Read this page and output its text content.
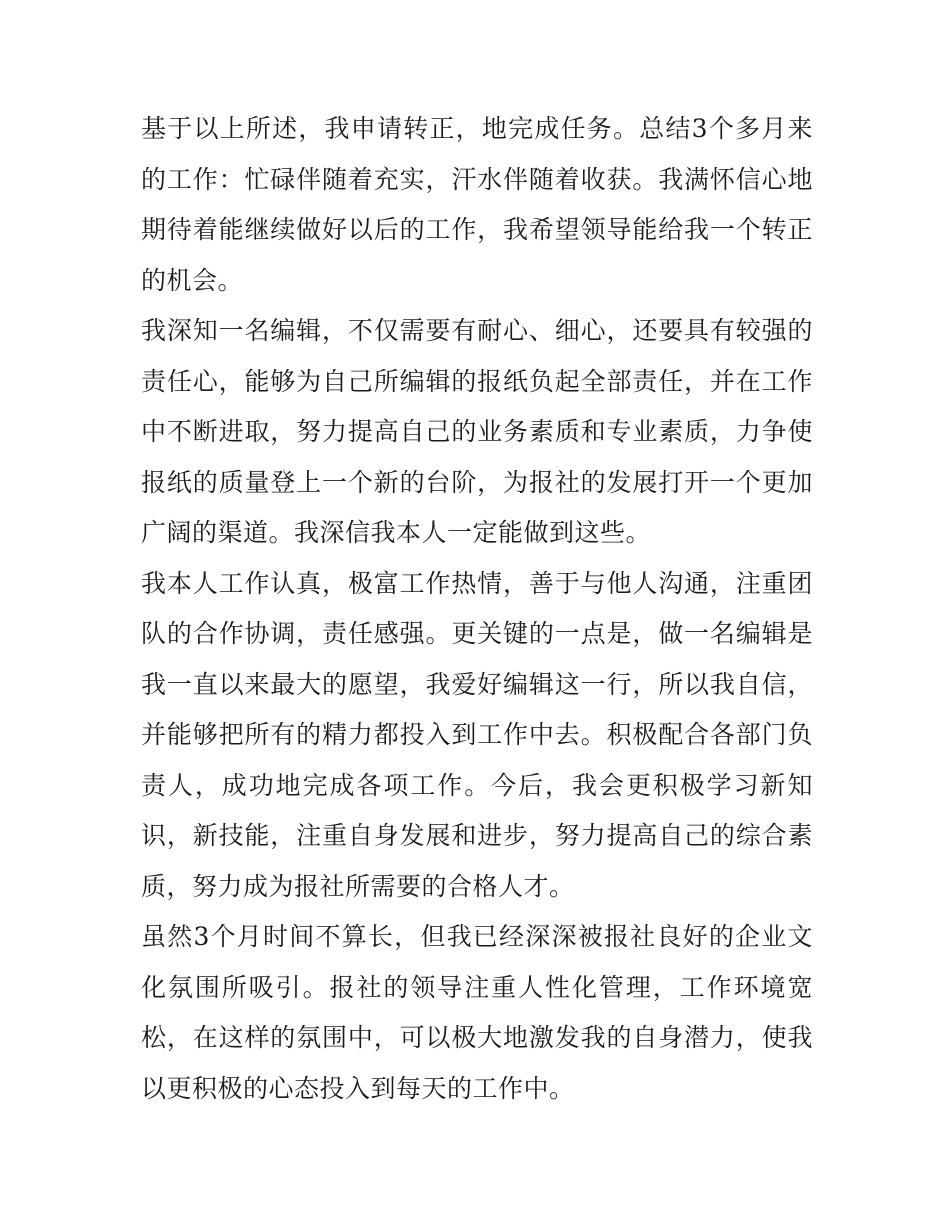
基于以上所述，我申请转正，地完成任务。总结3个多月来的工作：忙碌伴随着充实，汗水伴随着收获。我满怀信心地期待着能继续做好以后的工作，我希望领导能给我一个转正的机会。

我深知一名编辑，不仅需要有耐心、细心，还要具有较强的责任心，能够为自己所编辑的报纸负起全部责任，并在工作中不断进取，努力提高自己的业务素质和专业素质，力争使报纸的质量登上一个新的台阶，为报社的发展打开一个更加广阔的渠道。我深信我本人一定能做到这些。

我本人工作认真，极富工作热情，善于与他人沟通，注重团队的合作协调，责任感强。更关键的一点是，做一名编辑是我一直以来最大的愿望，我爱好编辑这一行，所以我自信，并能够把所有的精力都投入到工作中去。积极配合各部门负责人，成功地完成各项工作。今后，我会更积极学习新知识，新技能，注重自身发展和进步，努力提高自己的综合素质，努力成为报社所需要的合格人才。

虽然3个月时间不算长，但我已经深深被报社良好的企业文化氛围所吸引。报社的领导注重人性化管理，工作环境宽松，在这样的氛围中，可以极大地激发我的自身潜力，使我以更积极的心态投入到每天的工作中。
